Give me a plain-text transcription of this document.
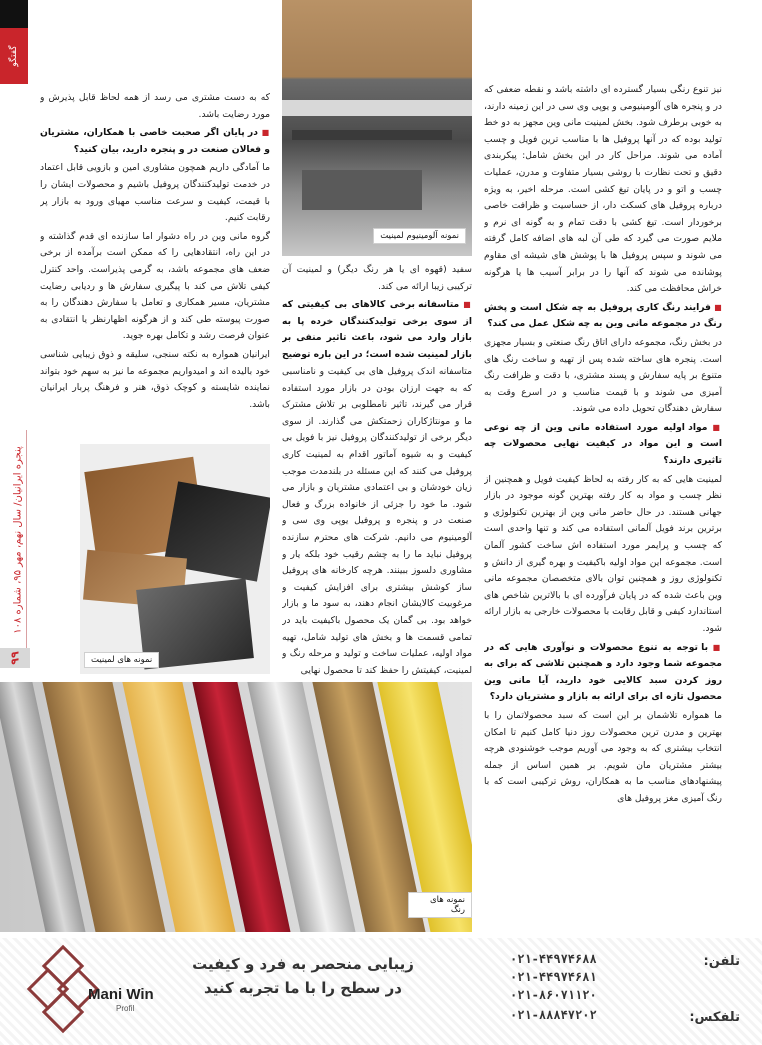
گفتگو
پنجره ایرانیان/ سال نهم، مهر ۹۵، شماره ۱۰۸
۹۹
نمونه آلومینیوم لمینیت
نمونه های لمینیت
نمونه های رنگ

که به دست مشتری می رسد از همه لحاظ قابل پذیرش و مورد رضایت باشد.

■ در پایان اگر صحبت خاصی با همکاران، مشتریان و فعالان صنعت در و پنجره دارید، بیان کنید؟

ما آمادگی داریم همچون مشاوری امین و بازویی قابل اعتماد در خدمت تولیدکنندگان پروفیل باشیم و محصولات ایشان را با قیمت، کیفیت و سرعت مناسب مهیای ورود به بازار پر رقابت کنیم.

گروه مانی وین در راه دشوار اما سازنده ای قدم گذاشته و در این راه، انتقادهایی را که ممکن است برآمده از برخی ضعف های مجموعه باشد، به گرمی پذیراست. واحد کنترل کیفی تلاش می کند با پیگیری سفارش ها و ردیابی رضایت مشتریان، مسیر همکاری و تعامل با سفارش دهندگان را به صورت پیوسته طی کند و از هرگونه اظهارنظر یا انتقادی به عنوان فرصت رشد و تکامل بهره جوید.

ایرانیان همواره به نکته سنجی، سلیقه و ذوق زیبایی شناسی خود بالیده اند و امیدواریم مجموعه ما نیز به سهم خود بتواند نماینده شایسته و کوچک ذوق، هنر و فرهنگ پربار ایرانیان باشد.

سفید (قهوه ای یا هر رنگ دیگر) و لمینیت آن ترکیبی زیبا ارائه می کند.

■ متاسفانه برخی کالاهای بی کیفیتی که از سوی برخی تولیدکنندگان خرده پا به بازار وارد می شود، باعث تاثیر منفی بر بازار لمینیت شده است؛ در این باره توضیح

متاسفانه اندک پروفیل های بی کیفیت و نامناسبی که به جهت ارزان بودن در بازار مورد استفاده قرار می گیرند، تاثیر نامطلوبی بر تلاش مشترک ما و مونتاژکاران زحمتکش می گذارند. از سوی دیگر برخی از تولیدکنندگان پروفیل نیز با فویل بی کیفیت و به شیوه آماتور اقدام به لمینیت کاری پروفیل می کنند که این مسئله در بلندمدت موجب زیان خودشان و بی اعتمادی مشتریان و بازار می شود. ما خود را جزئی از خانواده بزرگ و فعال صنعت در و پنجره و پروفیل یوپی وی سی و آلومینیوم می دانیم. شرکت های محترم سازنده پروفیل نباید ما را به چشم رقیب خود بلکه یار و مشاوری دلسوز ببینند. هرچه کارخانه های پروفیل ساز کوشش بیشتری برای افزایش کیفیت و مرغوبیت کالایشان انجام دهند، به سود ما و بازار خواهد بود. بی گمان یک محصول باکیفیت باید در تمامی قسمت ها و بخش های تولید شامل، تهیه مواد اولیه، عملیات ساخت و تولید و مرحله رنگ و لمینیت، کیفیتش را حفظ کند تا محصول نهایی

نیز تنوع رنگی بسیار گسترده ای داشته باشد و نقطه ضعفی که در و پنجره های آلومینیومی و یوپی وی سی در این زمینه دارند، به خوبی برطرف شود. بخش لمینیت مانی وین مجهز به دو خط تولید بوده که در آنها پروفیل ها با مناسب ترین فویل و چسب آماده می شوند. مراحل کار در این بخش شامل: پیکربندی دقیق و تحت نظارت با روشی بسیار متفاوت و مدرن، عملیات چسب و اتو و در پایان تیغ کشی است. مرحله اخیر، به ویژه درباره پروفیل های کسکت دار، از حساسیت و ظرافت خاصی برخوردار است. تیغ کشی با دقت تمام و به گونه ای نرم و ملایم صورت می گیرد که طی آن لبه های اضافه کامل گرفته می شوند و سپس پروفیل ها با پوشش های شیشه ای مقاوم پوشانده می شوند که آنها را در برابر آسیب ها یا هرگونه خراش محافظت می کند.

■ فرایند رنگ کاری پروفیل به چه شکل است و پخش رنگ در مجموعه مانی وین به چه شکل عمل می کند؟

در بخش رنگ، مجموعه دارای اتاق رنگ صنعتی و بسیار مجهزی است. پنجره های ساخته شده پس از تهیه و ساخت رنگ های متنوع بر پایه سفارش و پسند مشتری، با دقت و ظرافت رنگ آمیزی می شوند و با قیمت مناسب و در اسرع وقت به سفارش دهندگان تحویل داده می شوند.

■ مواد اولیه مورد استفاده مانی وین از چه نوعی است و این مواد در کیفیت نهایی محصولات چه تاثیری دارند؟

لمینیت هایی که به کار رفته به لحاظ کیفیت فویل و همچنین از نظر چسب و مواد به کار رفته بهترین گونه موجود در بازار جهانی هستند. در حال حاضر مانی وین از بهترین تکنولوژی و برترین برند فویل آلمانی استفاده می کند و تنها واحدی است که چسب و پرایمر مورد استفاده اش ساخت کشور آلمان است. مجموعه این مواد اولیه باکیفیت و بهره گیری از دانش و تکنولوژی روز و همچنین توان بالای متخصصان مجموعه مانی وین باعث شده که در پایان فرآورده ای با بالاترین شاخص های استاندارد کیفی و قابل رقابت با محصولات خارجی به بازار ارائه شود.

■ با توجه به تنوع محصولات و نوآوری هایی که در مجموعه شما وجود دارد و همچنین تلاشی که برای به روز کردن سبد کالایی خود دارید، آیا مانی وین محصول تازه ای برای ارائه به بازار و مشتریان دارد؟

ما همواره تلاشمان بر این است که سبد محصولاتمان را با بهترین و مدرن ترین محصولات روز دنیا کامل کنیم تا امکان انتخاب بیشتری که به وجود می آوریم موجب خوشنودی هرچه بیشتر مشتریان مان شویم. بر همین اساس از جمله پیشنهادهای مناسب ما به همکاران، روش ترکیبی است که با رنگ آمیزی مغز پروفیل های

Mani Win
Profil
زیبایی منحصر به فرد و کیفیت
در سطح را با ما تجربه کنید
تلفن:
تلفکس:
۰۲۱-۴۴۹۷۴۶۸۸
۰۲۱-۴۴۹۷۴۶۸۱
۰۲۱-۸۶۰۷۱۱۲۰
۰۲۱-۸۸۸۴۷۲۰۲
